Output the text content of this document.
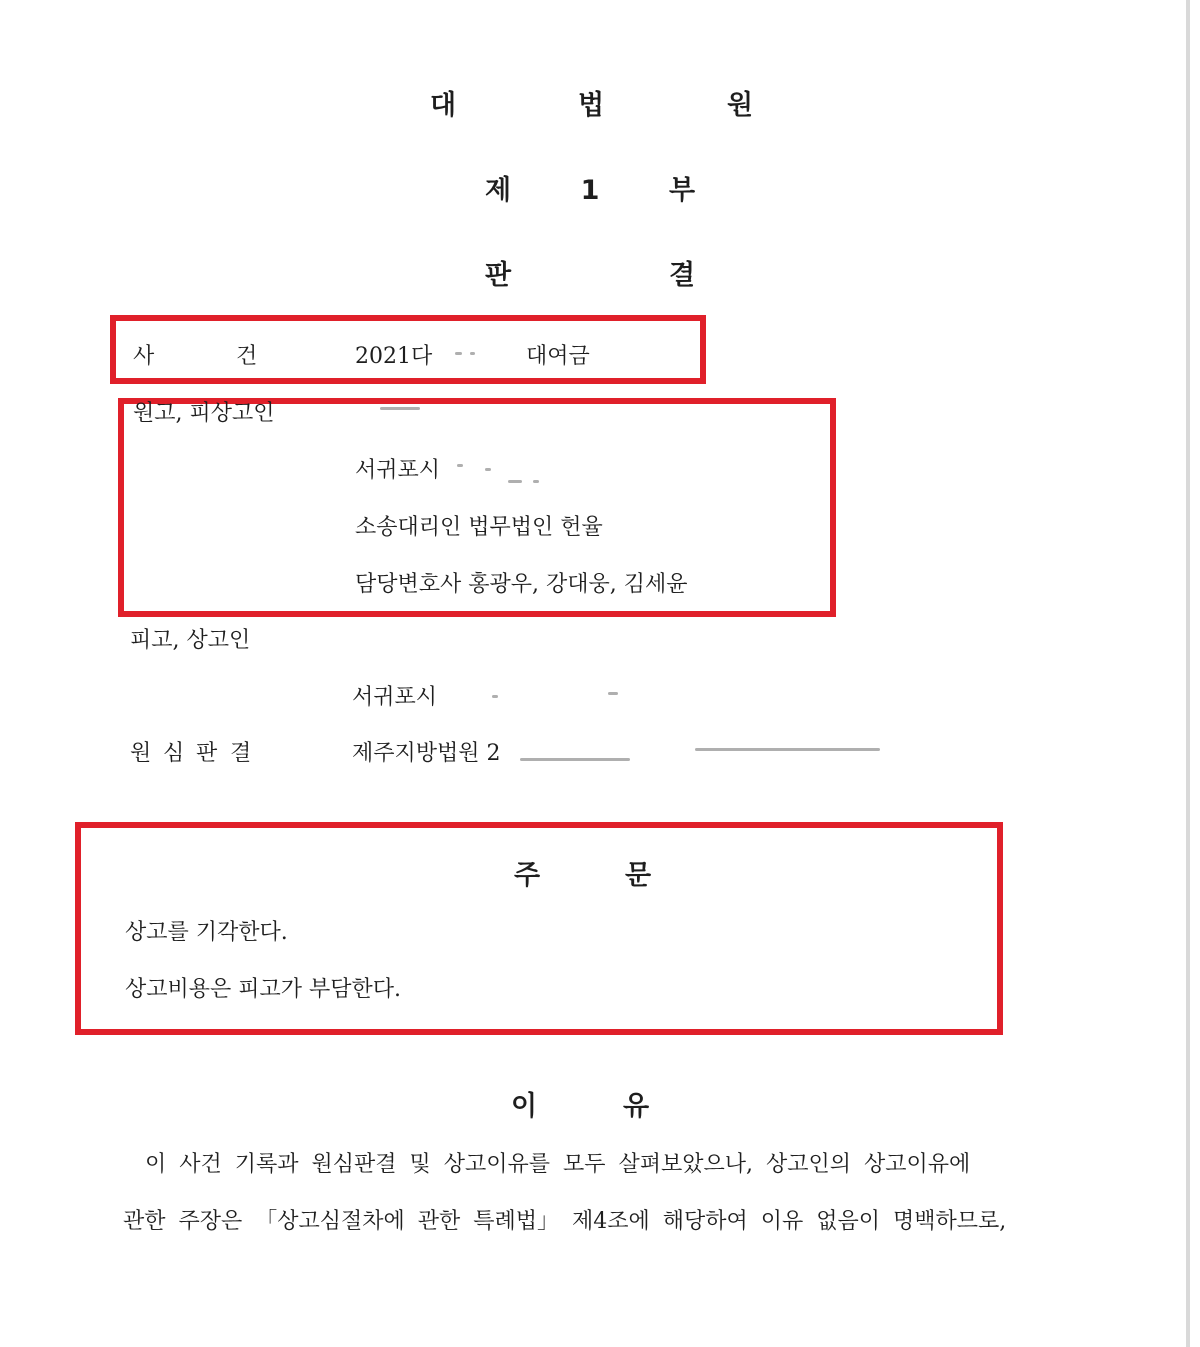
대	법	원
제	1	부
판	결
사	건	2021다	대여금
원고, 피상고인
서귀포시
소송대리인 법무법인 헌율
담당변호사 홍광우, 강대웅, 김세윤
피고, 상고인
서귀포시
원 심 판 결	제주지방법원 2
주	문
상고를 기각한다.
상고비용은 피고가 부담한다.
이	유
이 사건 기록과 원심판결 및 상고이유를 모두 살펴보았으나, 상고인의 상고이유에
관한 주장은 「상고심절차에 관한 특례법」 제4조에 해당하여 이유 없음이 명백하므로,
